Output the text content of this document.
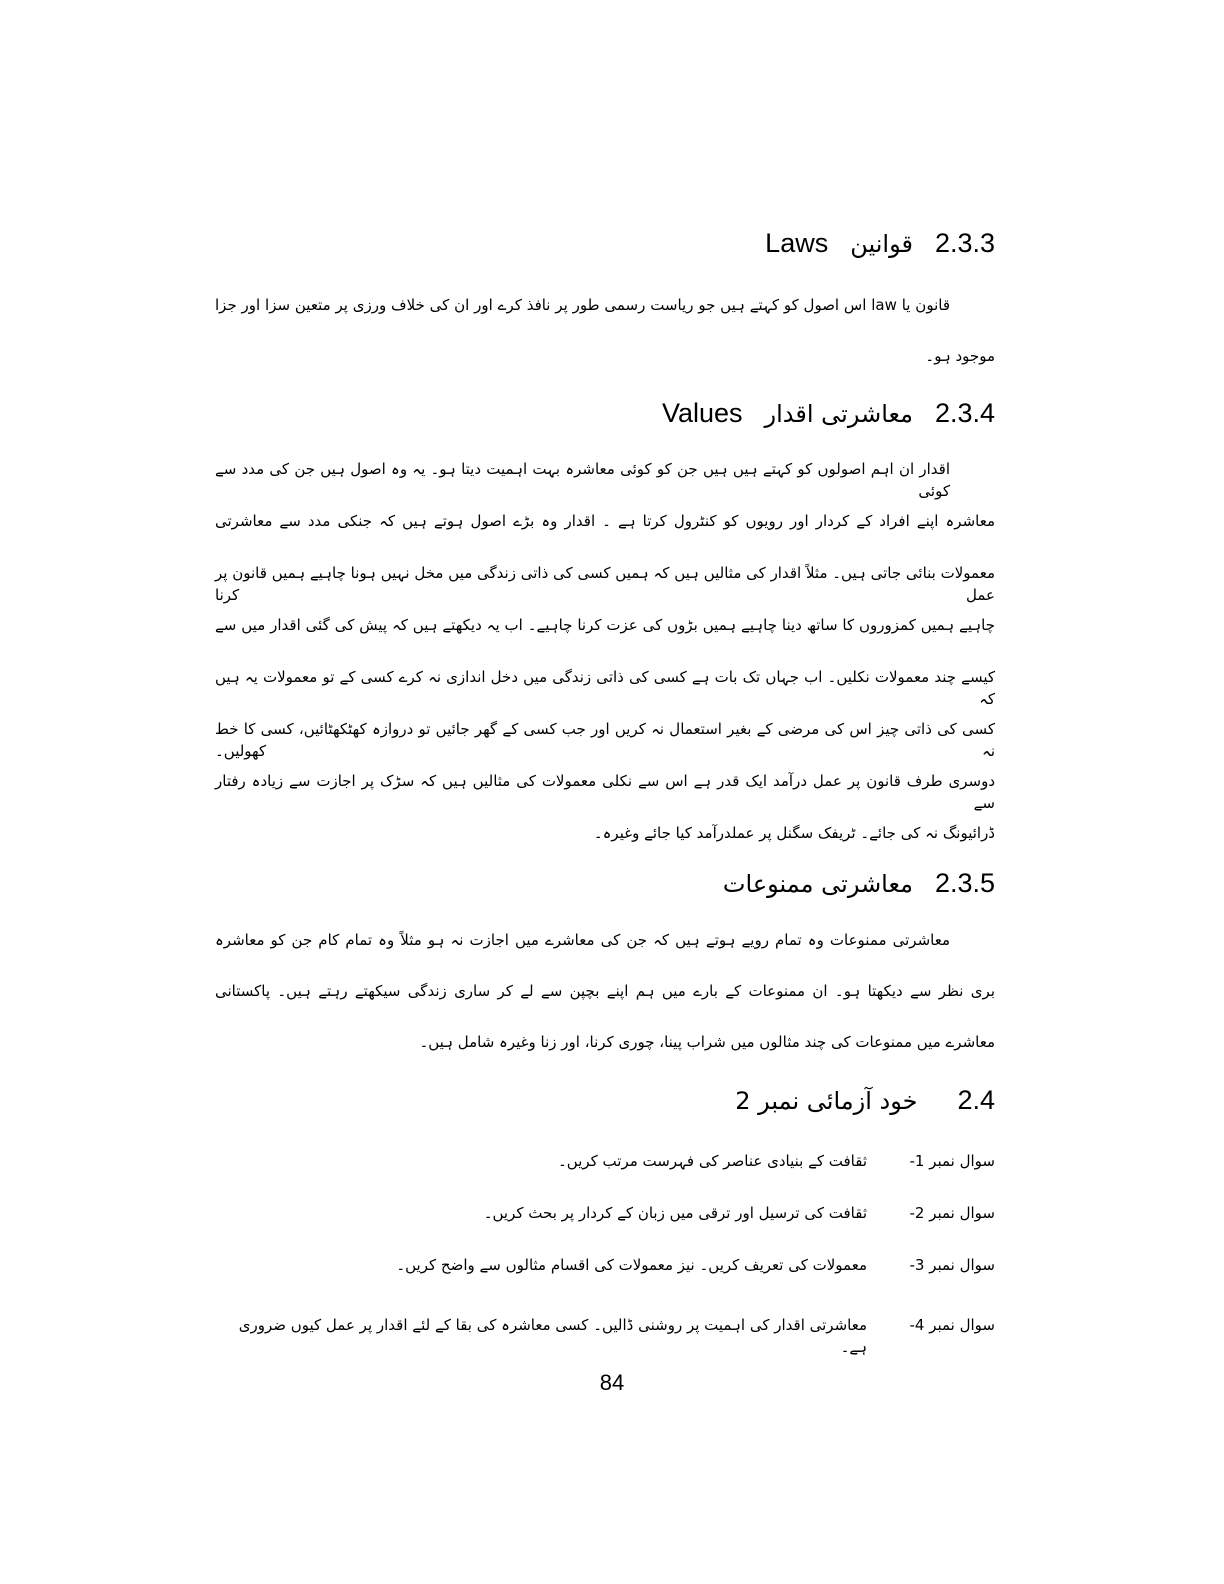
2.3.3
قوانین
Laws
قانون یا law اس اصول کو کہتے ہیں جو ریاست رسمی طور پر نافذ کرے اور ان کی خلاف ورزی پر متعین سزا اور جزا
موجود ہو۔
2.3.4
معاشرتی اقدار
Values
اقدار ان اہم اصولوں کو کہتے ہیں ہیں جن کو کوئی معاشرہ بہت اہمیت دیتا ہو۔ یہ وہ اصول ہیں جن کی مدد سے کوئی
معاشرہ اپنے افراد کے کردار اور رویوں کو کنٹرول کرتا ہے ۔ اقدار وہ بڑے اصول ہوتے ہیں کہ جنکی مدد سے معاشرتی
معمولات بنائی جاتی ہیں۔ مثلاً اقدار کی مثالیں ہیں کہ ہمیں کسی کی ذاتی زندگی میں مخل نہیں ہونا چاہیے ہمیں قانون پر عمل کرنا
چاہیے ہمیں کمزوروں کا ساتھ دینا چاہیے ہمیں بڑوں کی عزت کرنا چاہیے۔ اب یہ دیکھتے ہیں کہ پیش کی گئی اقدار میں سے
کیسے چند معمولات نکلیں۔ اب جہاں تک بات ہے کسی کی ذاتی زندگی میں دخل اندازی نہ کرے کسی کے تو معمولات یہ ہیں کہ
کسی کی ذاتی چیز اس کی مرضی کے بغیر استعمال نہ کریں اور جب کسی کے گھر جائیں تو دروازہ کھٹکھٹائیں، کسی کا خط نہ کھولیں۔
دوسری طرف قانون پر عمل درآمد ایک قدر ہے اس سے نکلی معمولات کی مثالیں ہیں کہ سڑک پر اجازت سے زیادہ رفتار سے
ڈرائیونگ نہ کی جائے۔ ٹریفک سگنل پر عملدرآمد کیا جائے وغیرہ۔
2.3.5
معاشرتی ممنوعات
معاشرتی ممنوعات وہ تمام رویے ہوتے ہیں کہ جن کی معاشرے میں اجازت نہ ہو مثلاً وہ تمام کام جن کو معاشرہ
بری نظر سے دیکھتا ہو۔ ان ممنوعات کے بارے میں ہم اپنے بچپن سے لے کر ساری زندگی سیکھتے رہتے ہیں۔ پاکستانی
معاشرے میں ممنوعات کی چند مثالوں میں شراب پینا، چوری کرنا، اور زنا وغیرہ شامل ہیں۔
2.4
خود آزمائی نمبر 2
سوال نمبر 1-
ثقافت کے بنیادی عناصر کی فہرست مرتب کریں۔
سوال نمبر 2-
ثقافت کی ترسیل اور ترقی میں زبان کے کردار پر بحث کریں۔
سوال نمبر 3-
معمولات کی تعریف کریں۔ نیز معمولات کی اقسام مثالوں سے واضح کریں۔
سوال نمبر 4-
معاشرتی اقدار کی اہمیت پر روشنی ڈالیں۔ کسی معاشرہ کی بقا کے لئے اقدار پر عمل کیوں ضروری ہے۔
84
